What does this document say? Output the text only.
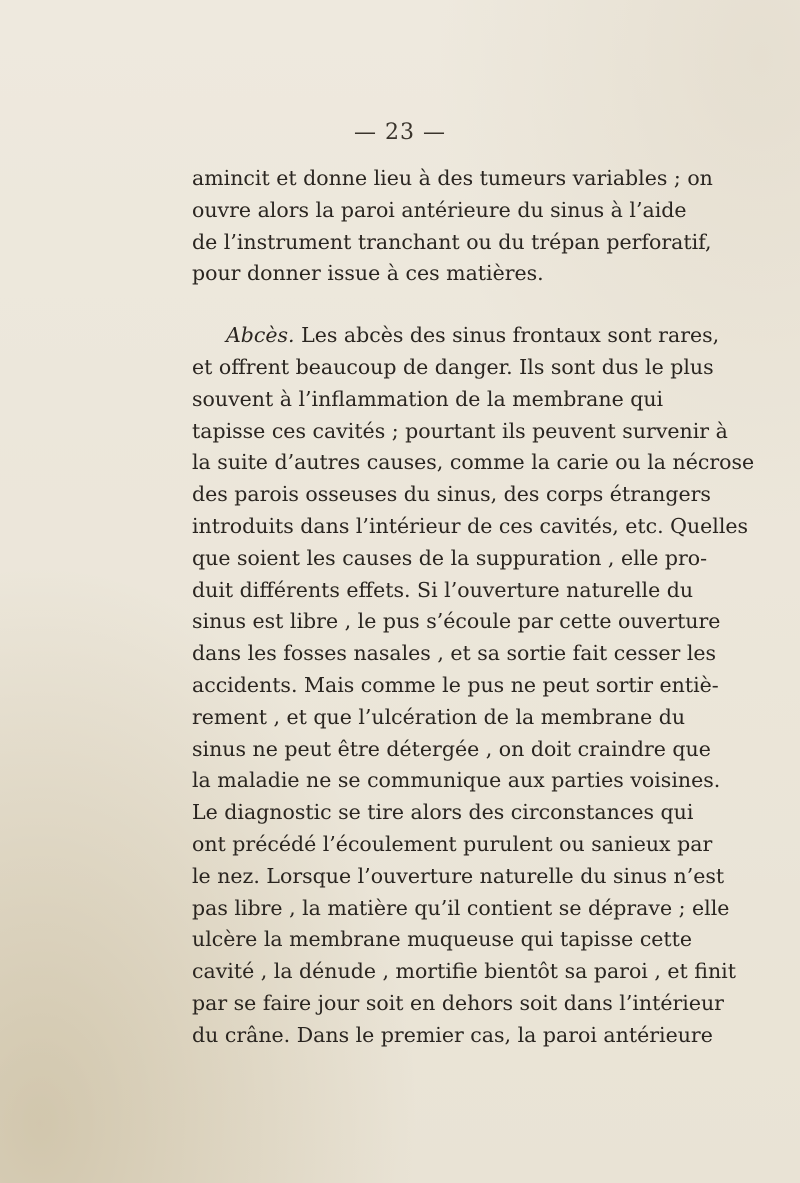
— 23 —
amincit et donne lieu à des tumeurs variables ; on
ouvre alors la paroi antérieure du sinus à l’aide
de l’instrument tranchant ou du trépan perforatif,
pour donner issue à ces matières.
Abcès. Les abcès des sinus frontaux sont rares,
et offrent beaucoup de danger. Ils sont dus le plus
souvent à l’inflammation de la membrane qui
tapisse ces cavités ; pourtant ils peuvent survenir à
la suite d’autres causes, comme la carie ou la nécrose
des parois osseuses du sinus, des corps étrangers
introduits dans l’intérieur de ces cavités, etc. Quelles
que soient les causes de la suppuration , elle pro-
duit différents effets. Si l’ouverture naturelle du
sinus est libre , le pus s’écoule par cette ouverture
dans les fosses nasales , et sa sortie fait cesser les
accidents. Mais comme le pus ne peut sortir entiè-
rement , et que l’ulcération de la membrane du
sinus ne peut être détergée , on doit craindre que
la maladie ne se communique aux parties voisines.
Le diagnostic se tire alors des circonstances qui
ont précédé l’écoulement purulent ou sanieux par
le nez. Lorsque l’ouverture naturelle du sinus n’est
pas libre , la matière qu’il contient se déprave ; elle
ulcère la membrane muqueuse qui tapisse cette
cavité , la dénude , mortifie bientôt sa paroi , et finit
par se faire jour soit en dehors soit dans l’intérieur
du crâne. Dans le premier cas, la paroi antérieure
